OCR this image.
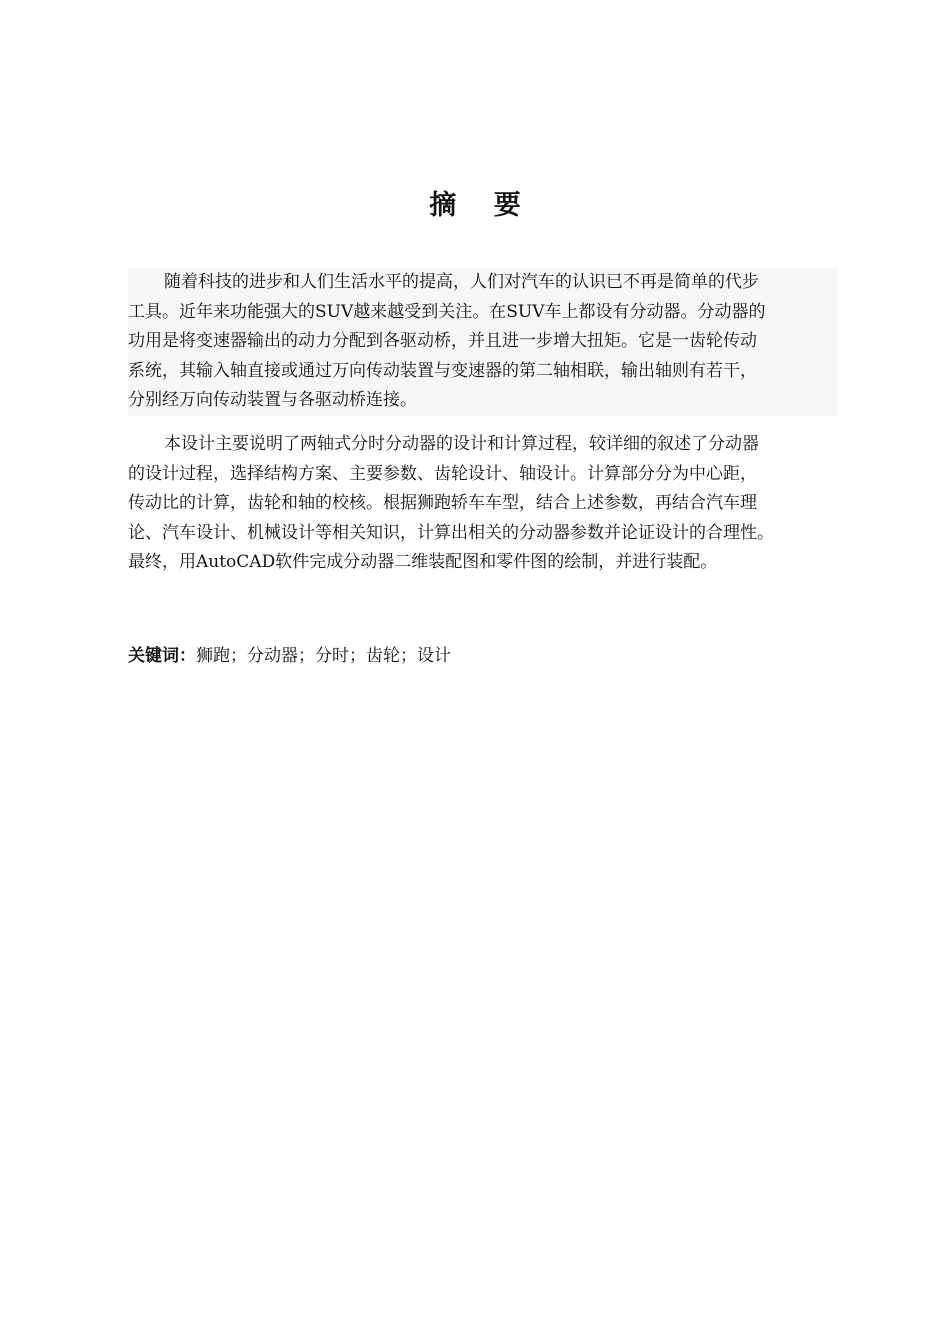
摘 要
随着科技的进步和人们生活水平的提高，人们对汽车的认识已不再是简单的代步
工具。近年来功能强大的SUV越来越受到关注。在SUV车上都设有分动器。分动器的
功用是将变速器输出的动力分配到各驱动桥，并且进一步增大扭矩。它是一齿轮传动
系统，其输入轴直接或通过万向传动装置与变速器的第二轴相联，输出轴则有若干，
分别经万向传动装置与各驱动桥连接。
本设计主要说明了两轴式分时分动器的设计和计算过程，较详细的叙述了分动器
的设计过程，选择结构方案、主要参数、齿轮设计、轴设计。计算部分分为中心距，
传动比的计算，齿轮和轴的校核。根据狮跑轿车车型，结合上述参数，再结合汽车理
论、汽车设计、机械设计等相关知识，计算出相关的分动器参数并论证设计的合理性。
最终，用AutoCAD软件完成分动器二维装配图和零件图的绘制，并进行装配。

关键词：狮跑；分动器；分时；齿轮；设计
